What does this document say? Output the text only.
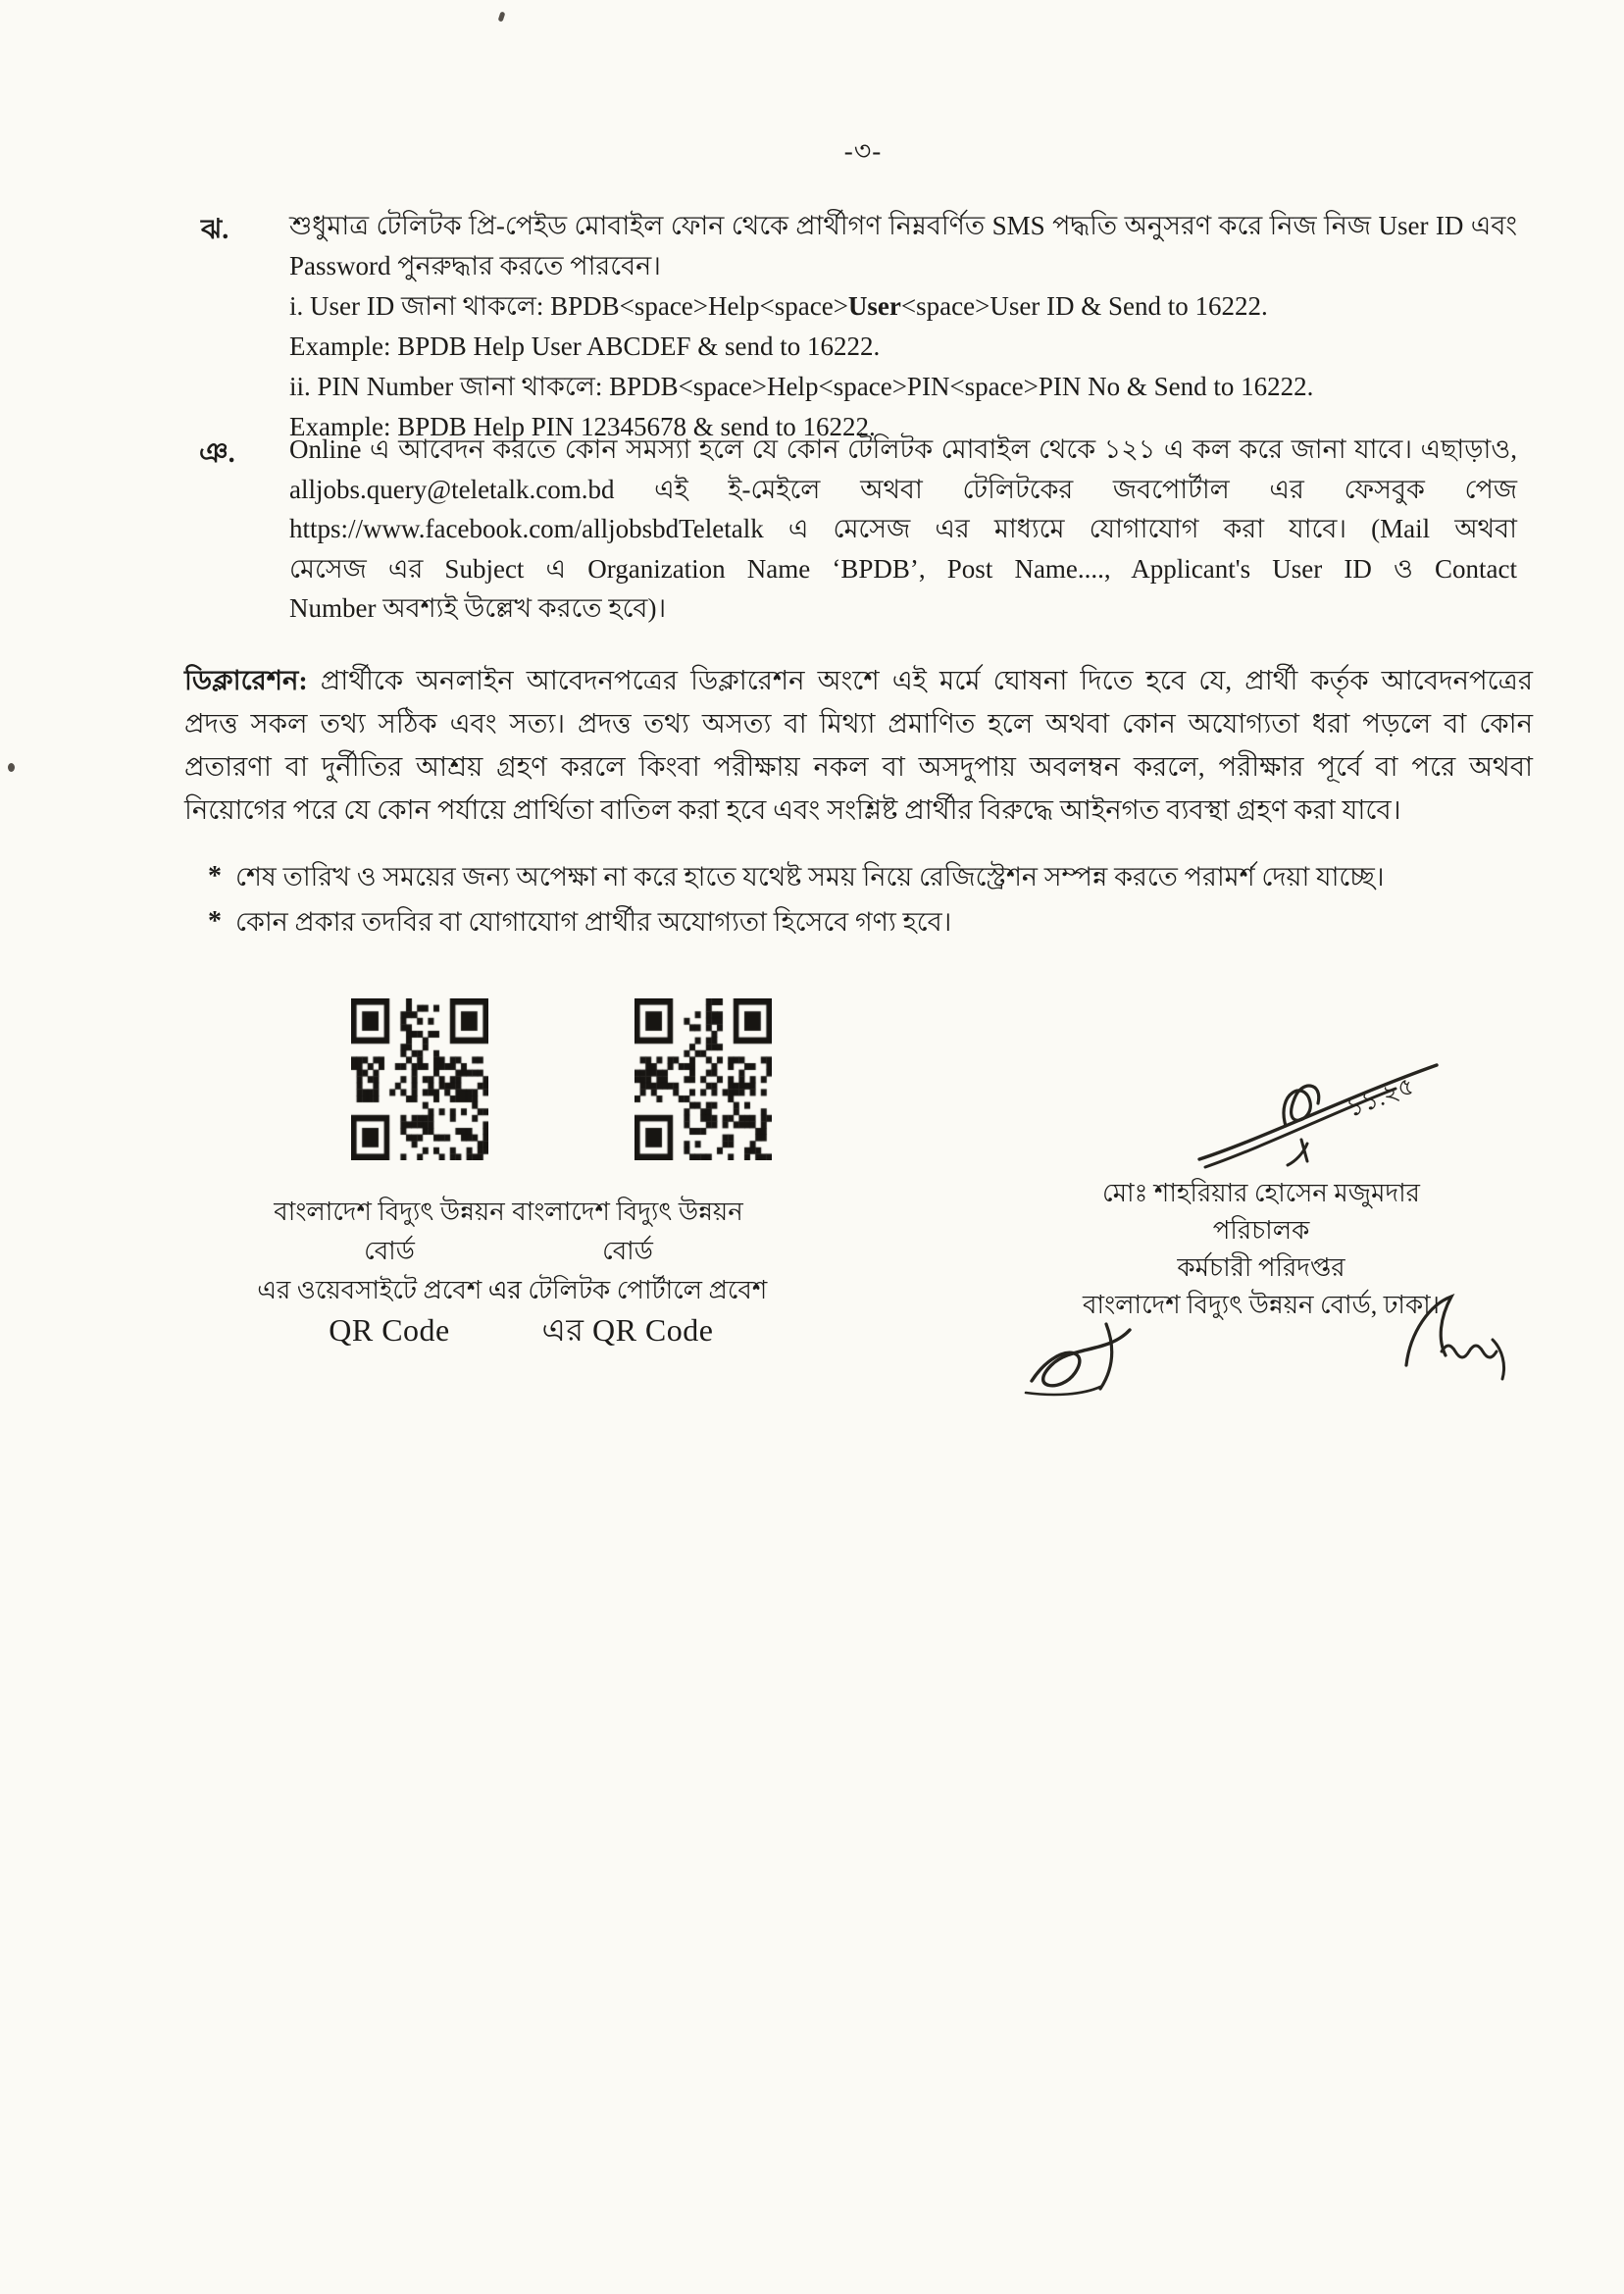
-৩-
ঝ. শুধুমাত্র টেলিটক প্রি-পেইড মোবাইল ফোন থেকে প্রার্থীগণ নিম্নবর্ণিত SMS পদ্ধতি অনুসরণ করে নিজ নিজ User ID এবং
Password পুনরুদ্ধার করতে পারবেন।
i. User ID জানা থাকলে: BPDB<space>Help<space>User<space>User ID & Send to 16222.
Example: BPDB Help User ABCDEF & send to 16222.
ii. PIN Number জানা থাকলে: BPDB<space>Help<space>PIN<space>PIN No & Send to 16222.
Example: BPDB Help PIN 12345678 & send to 16222.
ঞ. Online এ আবেদন করতে কোন সমস্যা হলে যে কোন টেলিটক মোবাইল থেকে ১২১ এ কল করে জানা যাবে। এছাড়াও,
alljobs.query@teletalk.com.bd এই ই-মেইলে অথবা টেলিটকের জবপোর্টাল এর ফেসবুক পেজ
https://www.facebook.com/alljobsbdTeletalk এ মেসেজ এর মাধ্যমে যোগাযোগ করা যাবে। (Mail অথবা
মেসেজ এর Subject এ Organization Name ‘BPDB’, Post Name...., Applicant's User ID ও Contact
Number অবশ্যই উল্লেখ করতে হবে)।
ডিক্লারেশন: প্রার্থীকে অনলাইন আবেদনপত্রের ডিক্লারেশন অংশে এই মর্মে ঘোষনা দিতে হবে যে, প্রার্থী কর্তৃক আবেদনপত্রের
প্রদত্ত সকল তথ্য সঠিক এবং সত্য। প্রদত্ত তথ্য অসত্য বা মিথ্যা প্রমাণিত হলে অথবা কোন অযোগ্যতা ধরা পড়লে বা কোন
প্রতারণা বা দুর্নীতির আশ্রয় গ্রহণ করলে কিংবা পরীক্ষায় নকল বা অসদুপায় অবলম্বন করলে, পরীক্ষার পূর্বে বা পরে অথবা
নিয়োগের পরে যে কোন পর্যায়ে প্রার্থিতা বাতিল করা হবে এবং সংশ্লিষ্ট প্রার্থীর বিরুদ্ধে আইনগত ব্যবস্থা গ্রহণ করা যাবে।
* শেষ তারিখ ও সময়ের জন্য অপেক্ষা না করে হাতে যথেষ্ট সময় নিয়ে রেজিস্ট্রেশন সম্পন্ন করতে পরামর্শ দেয়া যাচ্ছে।
* কোন প্রকার তদবির বা যোগাযোগ প্রার্থীর অযোগ্যতা হিসেবে গণ্য হবে।
বাংলাদেশ বিদ্যুৎ উন্নয়ন বোর্ড
এর ওয়েবসাইটে প্রবেশ এর
QR Code
বাংলাদেশ বিদ্যুৎ উন্নয়ন বোর্ড
এর টেলিটক পোর্টালে প্রবেশ
এর QR Code
১১.২৫
মোঃ শাহরিয়ার হোসেন মজুমদার
পরিচালক
কর্মচারী পরিদপ্তর
বাংলাদেশ বিদ্যুৎ উন্নয়ন বোর্ড, ঢাকা।
